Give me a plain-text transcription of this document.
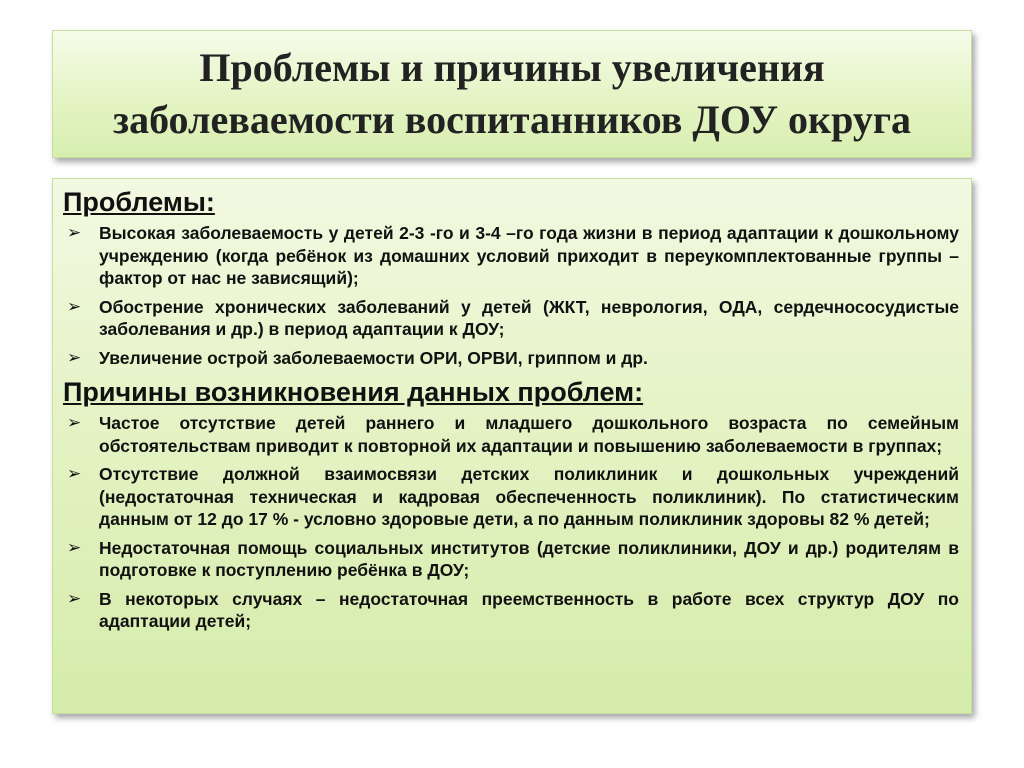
Проблемы и причины увеличения заболеваемости воспитанников ДОУ округа
Проблемы:
➢ Высокая заболеваемость у детей 2-3 -го и 3-4 –го года жизни в период адаптации к дошкольному учреждению (когда ребёнок из домашних условий приходит в переукомплектованные группы – фактор от нас не зависящий);
➢ Обострение хронических заболеваний у детей (ЖКТ, неврология, ОДА, сердечнососудистые заболевания и др.) в период адаптации к ДОУ;
➢ Увеличение острой заболеваемости ОРИ, ОРВИ, гриппом и др.
Причины возникновения данных проблем:
➢ Частое отсутствие детей раннего и младшего дошкольного возраста по семейным обстоятельствам приводит к повторной их адаптации и повышению заболеваемости в группах;
➢ Отсутствие должной взаимосвязи детских поликлиник и дошкольных учреждений (недостаточная техническая и кадровая обеспеченность поликлиник). По статистическим данным от 12 до 17 % - условно здоровые дети, а по данным поликлиник здоровы 82 % детей;
➢ Недостаточная помощь социальных институтов (детские поликлиники, ДОУ и др.) родителям в подготовке к поступлению ребёнка в ДОУ;
➢ В некоторых случаях – недостаточная преемственность в работе всех структур ДОУ по адаптации детей;
